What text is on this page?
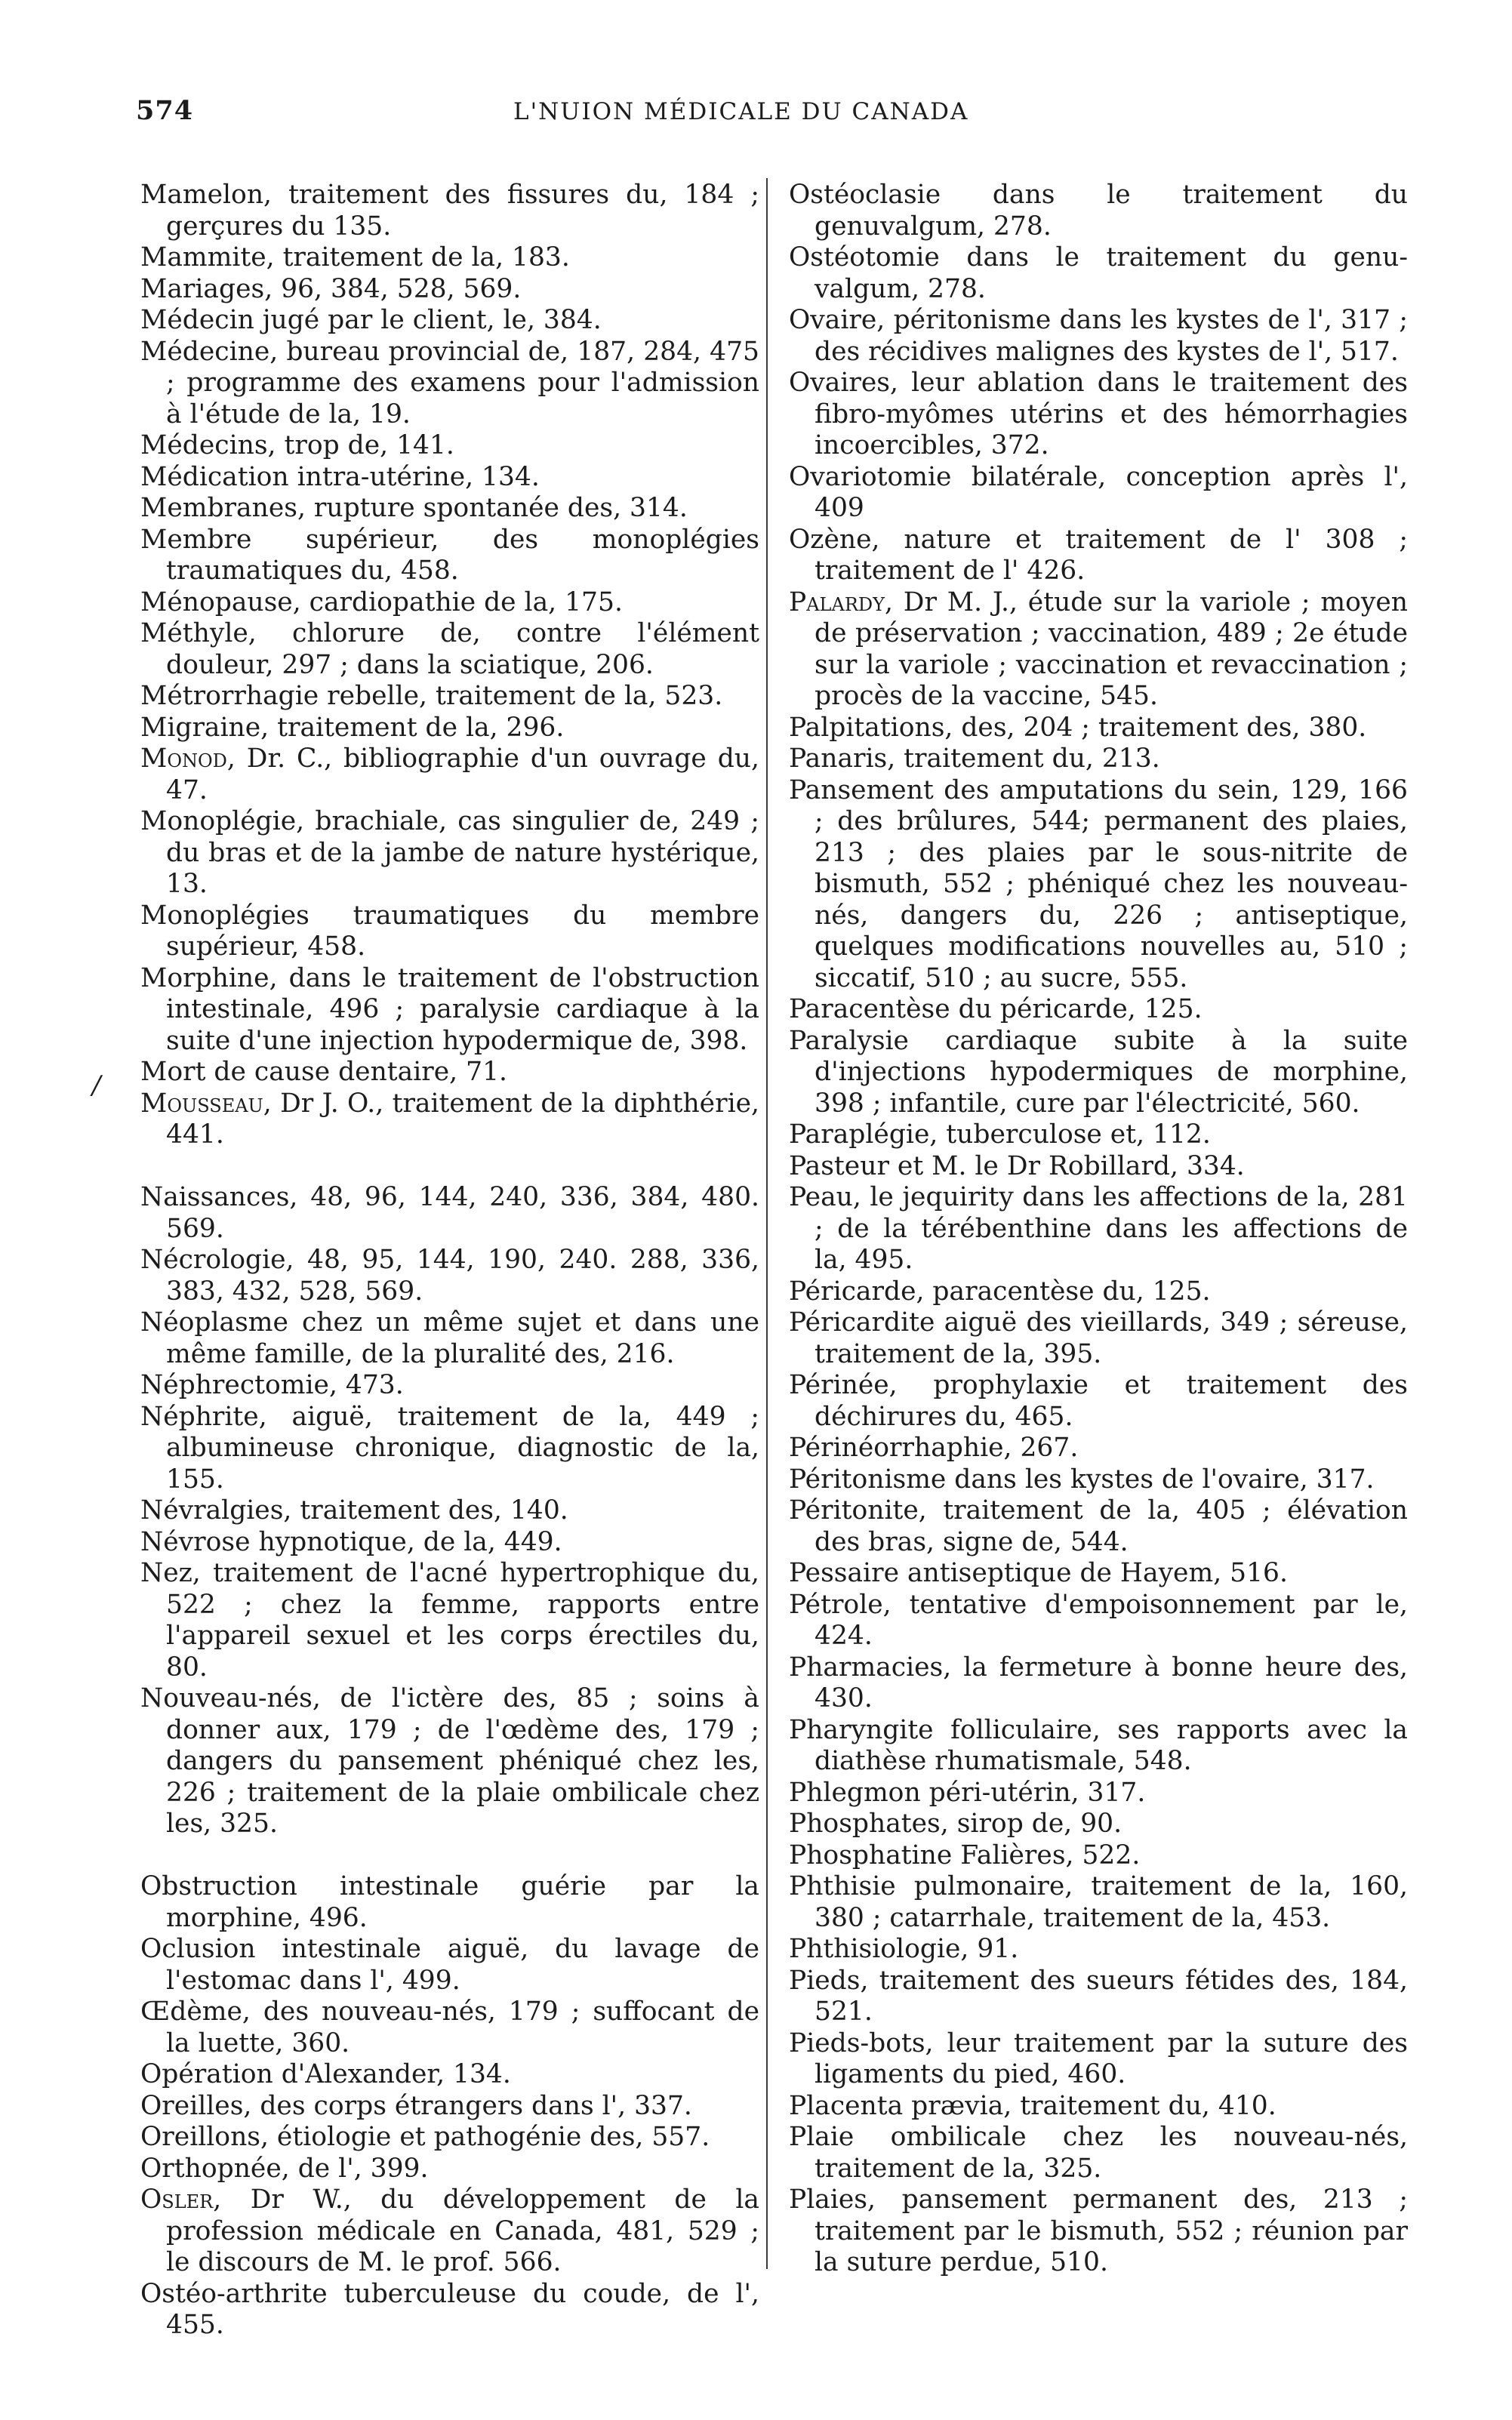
574	L'NUION MÉDICALE DU CANADA
/
Mamelon, traitement des fissures du, 184 ; gerçures du 135.
Mammite, traitement de la, 183.
Mariages, 96, 384, 528, 569.
Médecin jugé par le client, le, 384.
Médecine, bureau provincial de, 187, 284, 475 ; programme des examens pour l'admission à l'étude de la, 19.
Médecins, trop de, 141.
Médication intra-utérine, 134.
Membranes, rupture spontanée des, 314.
Membre supérieur, des monoplégies traumatiques du, 458.
Ménopause, cardiopathie de la, 175.
Méthyle, chlorure de, contre l'élément douleur, 297 ; dans la sciatique, 206.
Métrorrhagie rebelle, traitement de la, 523.
Migraine, traitement de la, 296.
Monod, Dr. C., bibliographie d'un ouvrage du, 47.
Monoplégie, brachiale, cas singulier de, 249 ; du bras et de la jambe de nature hystérique, 13.
Monoplégies traumatiques du membre supérieur, 458.
Morphine, dans le traitement de l'obstruction intestinale, 496 ; paralysie cardiaque à la suite d'une injection hypodermique de, 398.
Mort de cause dentaire, 71.
Mousseau, Dr J. O., traitement de la diphthérie, 441.
Naissances, 48, 96, 144, 240, 336, 384, 480. 569.
Nécrologie, 48, 95, 144, 190, 240. 288, 336, 383, 432, 528, 569.
Néoplasme chez un même sujet et dans une même famille, de la pluralité des, 216.
Néphrectomie, 473.
Néphrite, aiguë, traitement de la, 449 ; albumineuse chronique, diagnostic de la, 155.
Névralgies, traitement des, 140.
Névrose hypnotique, de la, 449.
Nez, traitement de l'acné hypertrophique du, 522 ; chez la femme, rapports entre l'appareil sexuel et les corps érectiles du, 80.
Nouveau-nés, de l'ictère des, 85 ; soins à donner aux, 179 ; de l'œdème des, 179 ; dangers du pansement phéniqué chez les, 226 ; traitement de la plaie ombilicale chez les, 325.
Obstruction intestinale guérie par la morphine, 496.
Oclusion intestinale aiguë, du lavage de l'estomac dans l', 499.
Œdème, des nouveau-nés, 179 ; suffocant de la luette, 360.
Opération d'Alexander, 134.
Oreilles, des corps étrangers dans l', 337.
Oreillons, étiologie et pathogénie des, 557.
Orthopnée, de l', 399.
Osler, Dr W., du développement de la profession médicale en Canada, 481, 529 ; le discours de M. le prof. 566.
Ostéo-arthrite tuberculeuse du coude, de l', 455.
Ostéoclasie dans le traitement du genuvalgum, 278.
Ostéotomie dans le traitement du genu-valgum, 278.
Ovaire, péritonisme dans les kystes de l', 317 ; des récidives malignes des kystes de l', 517.
Ovaires, leur ablation dans le traitement des fibro-myômes utérins et des hémorrhagies incoercibles, 372.
Ovariotomie bilatérale, conception après l', 409
Ozène, nature et traitement de l' 308 ; traitement de l' 426.
Palardy, Dr M. J., étude sur la variole ; moyen de préservation ; vaccination, 489 ; 2e étude sur la variole ; vaccination et revaccination ; procès de la vaccine, 545.
Palpitations, des, 204 ; traitement des, 380.
Panaris, traitement du, 213.
Pansement des amputations du sein, 129, 166 ; des brûlures, 544; permanent des plaies, 213 ; des plaies par le sous-nitrite de bismuth, 552 ; phéniqué chez les nouveau-nés, dangers du, 226 ; antiseptique, quelques modifications nouvelles au, 510 ; siccatif, 510 ; au sucre, 555.
Paracentèse du péricarde, 125.
Paralysie cardiaque subite à la suite d'injections hypodermiques de morphine, 398 ; infantile, cure par l'électricité, 560.
Paraplégie, tuberculose et, 112.
Pasteur et M. le Dr Robillard, 334.
Peau, le jequirity dans les affections de la, 281 ; de la térébenthine dans les affections de la, 495.
Péricarde, paracentèse du, 125.
Péricardite aiguë des vieillards, 349 ; séreuse, traitement de la, 395.
Périnée, prophylaxie et traitement des déchirures du, 465.
Périnéorrhaphie, 267.
Péritonisme dans les kystes de l'ovaire, 317.
Péritonite, traitement de la, 405 ; élévation des bras, signe de, 544.
Pessaire antiseptique de Hayem, 516.
Pétrole, tentative d'empoisonnement par le, 424.
Pharmacies, la fermeture à bonne heure des, 430.
Pharyngite folliculaire, ses rapports avec la diathèse rhumatismale, 548.
Phlegmon péri-utérin, 317.
Phosphates, sirop de, 90.
Phosphatine Falières, 522.
Phthisie pulmonaire, traitement de la, 160, 380 ; catarrhale, traitement de la, 453.
Phthisiologie, 91.
Pieds, traitement des sueurs fétides des, 184, 521.
Pieds-bots, leur traitement par la suture des ligaments du pied, 460.
Placenta prævia, traitement du, 410.
Plaie ombilicale chez les nouveau-nés, traitement de la, 325.
Plaies, pansement permanent des, 213 ; traitement par le bismuth, 552 ; réunion par la suture perdue, 510.
